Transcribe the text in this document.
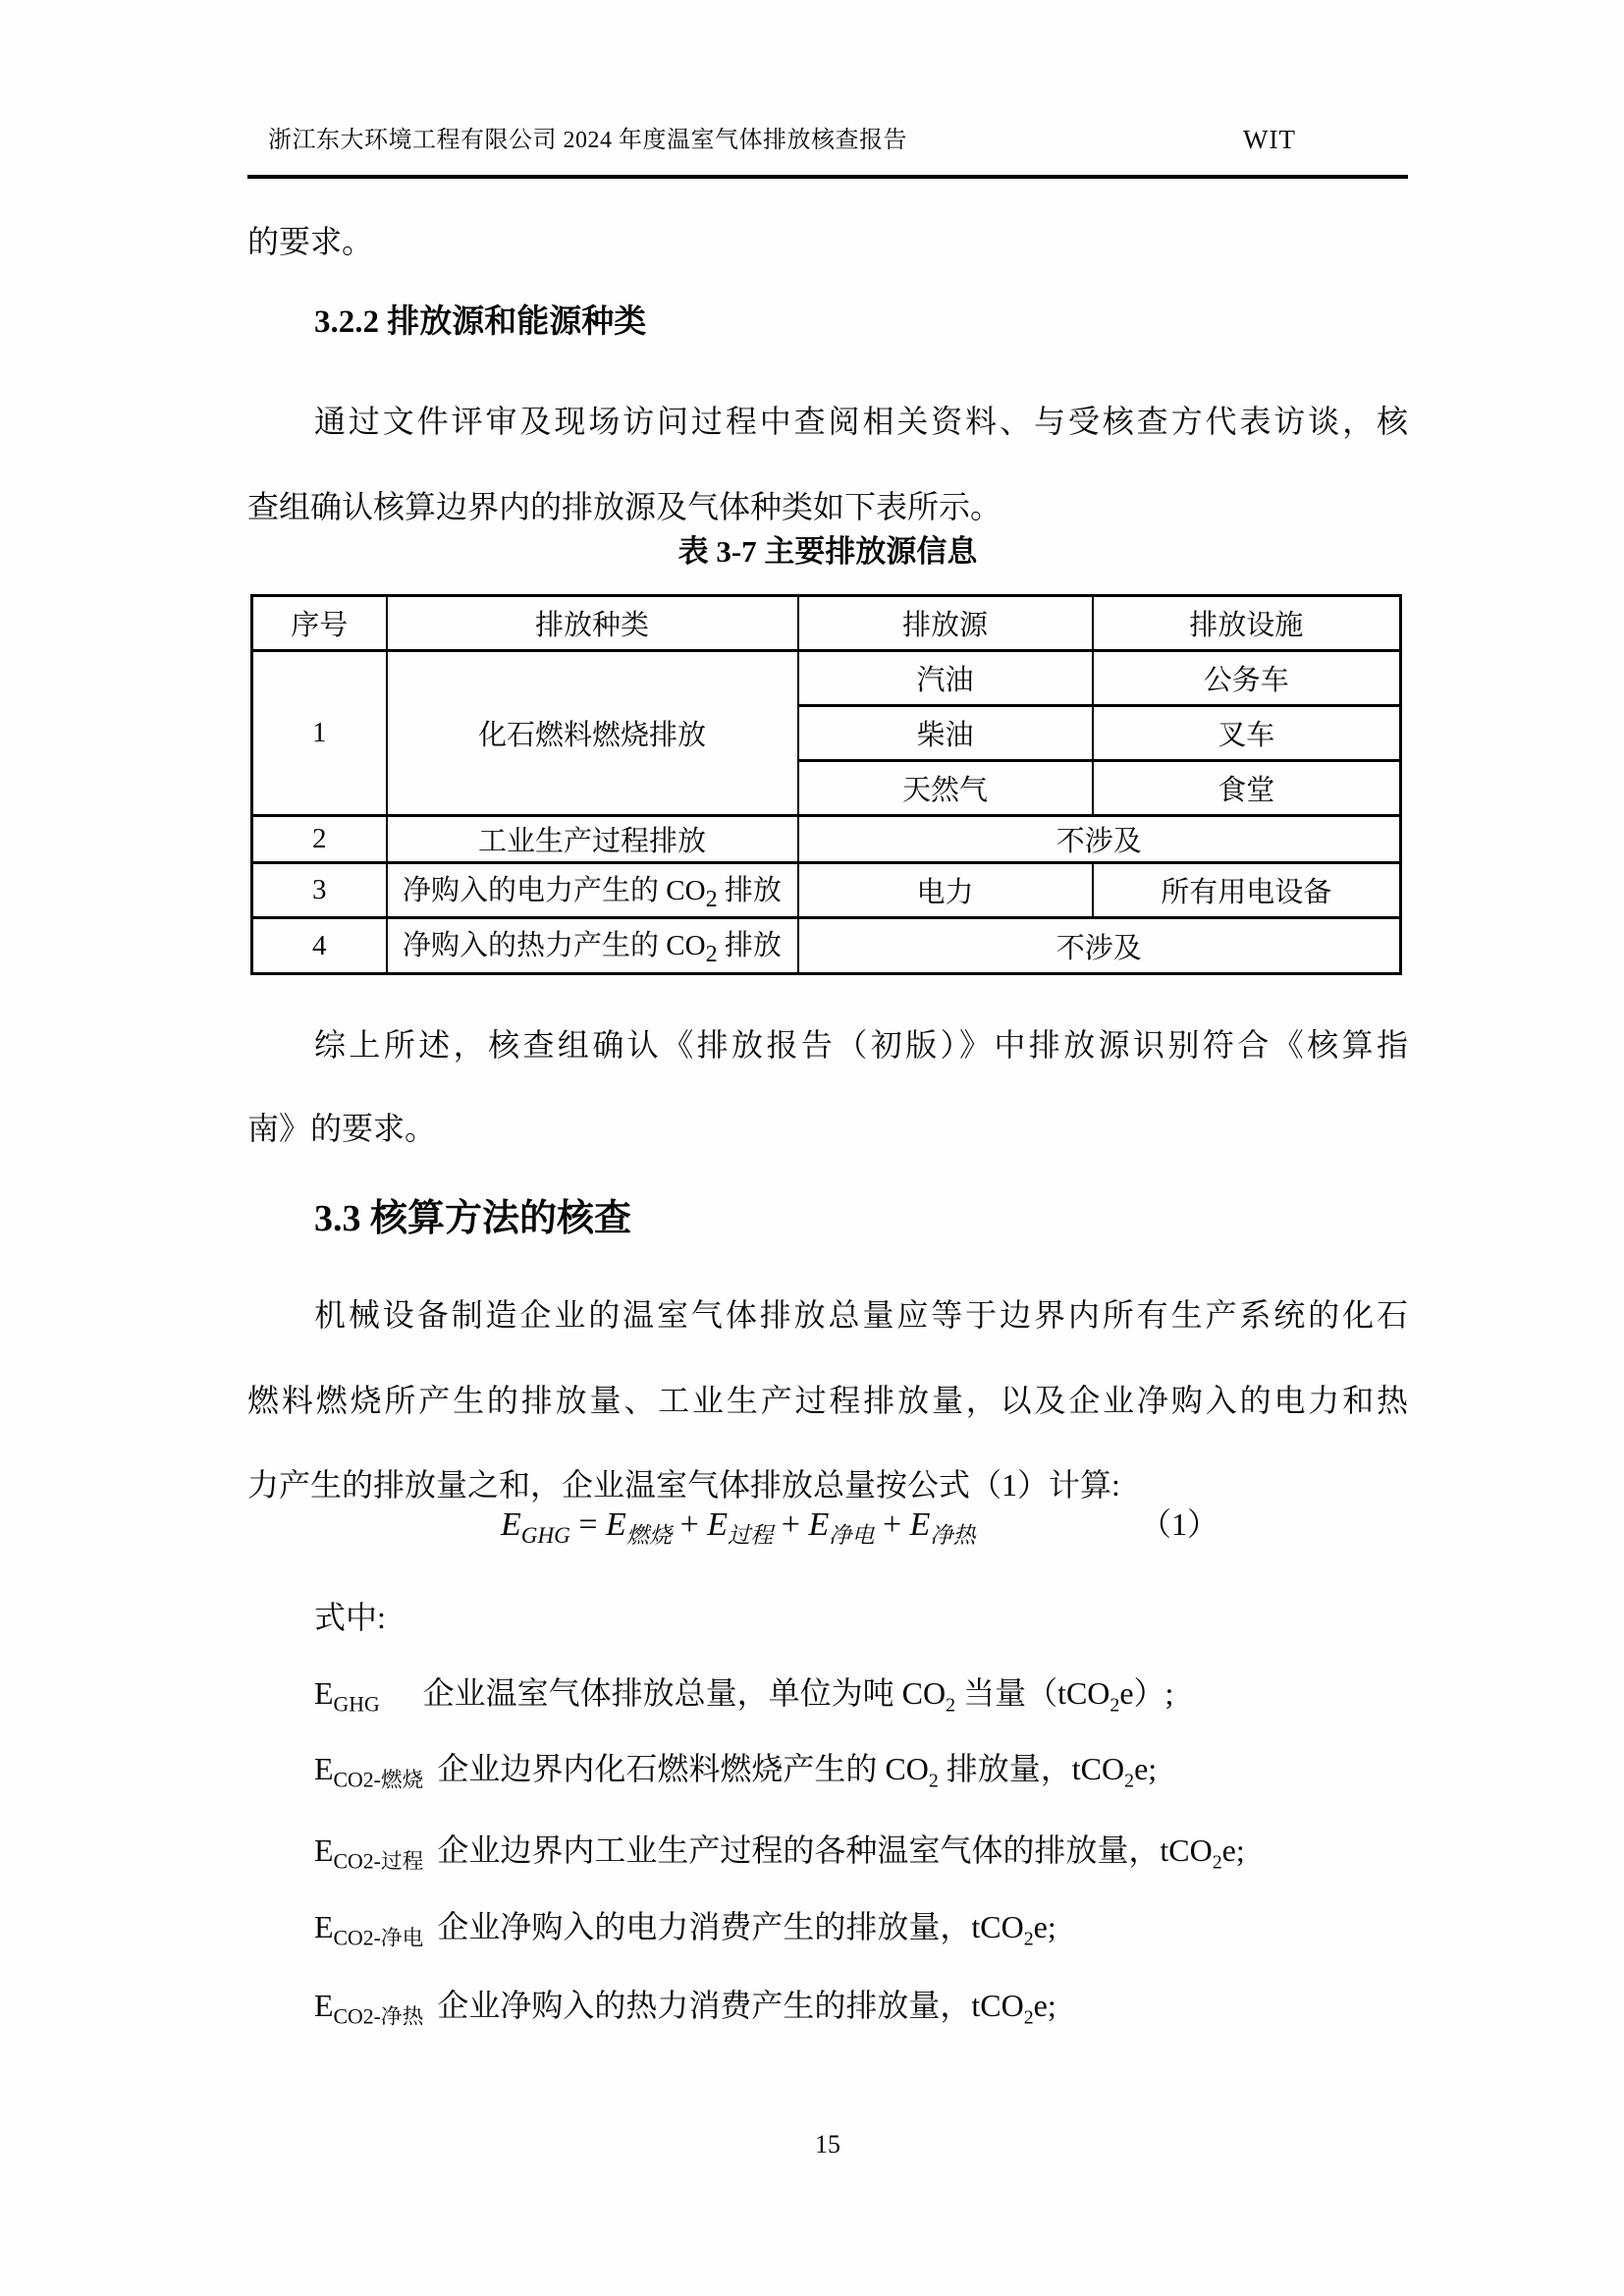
浙江东大环境工程有限公司 2024 年度温室气体排放核查报告	WIT
的要求。
3.2.2 排放源和能源种类
通过文件评审及现场访问过程中查阅相关资料、与受核查方代表访谈，核
查组确认核算边界内的排放源及气体种类如下表所示。
表 3-7 主要排放源信息
序号	排放种类	排放源	排放设施
1	化石燃料燃烧排放	汽油	公务车
		柴油	叉车
		天然气	食堂
2	工业生产过程排放	不涉及	
3	净购入的电力产生的 $CO_2$ 排放	电力	所有用电设备
4	净购入的热力产生的 $CO_2$ 排放	不涉及	
综上所述，核查组确认《排放报告（初版）》中排放源识别符合《核算指
南》的要求。
3.3 核算方法的核查
机械设备制造企业的温室气体排放总量应等于边界内所有生产系统的化石
燃料燃烧所产生的排放量、工业生产过程排放量，以及企业净购入的电力和热
力产生的排放量之和，企业温室气体排放总量按公式（1）计算:
$E_{GHG} = E_{燃烧} + E_{过程} + E_{净电} + E_{净热}$	（1）
式中:
$E_{GHG}$ 企业温室气体排放总量，单位为吨 $CO_2$ 当量（tCO$_2$e）;
$E_{CO2-燃烧}$ 企业边界内化石燃料燃烧产生的 $CO_2$ 排放量，tCO$_2$e;
$E_{CO2-过程}$ 企业边界内工业生产过程的各种温室气体的排放量，tCO$_2$e;
$E_{CO2-净电}$ 企业净购入的电力消费产生的排放量，tCO$_2$e;
$E_{CO2-净热}$ 企业净购入的热力消费产生的排放量，tCO$_2$e;
15
